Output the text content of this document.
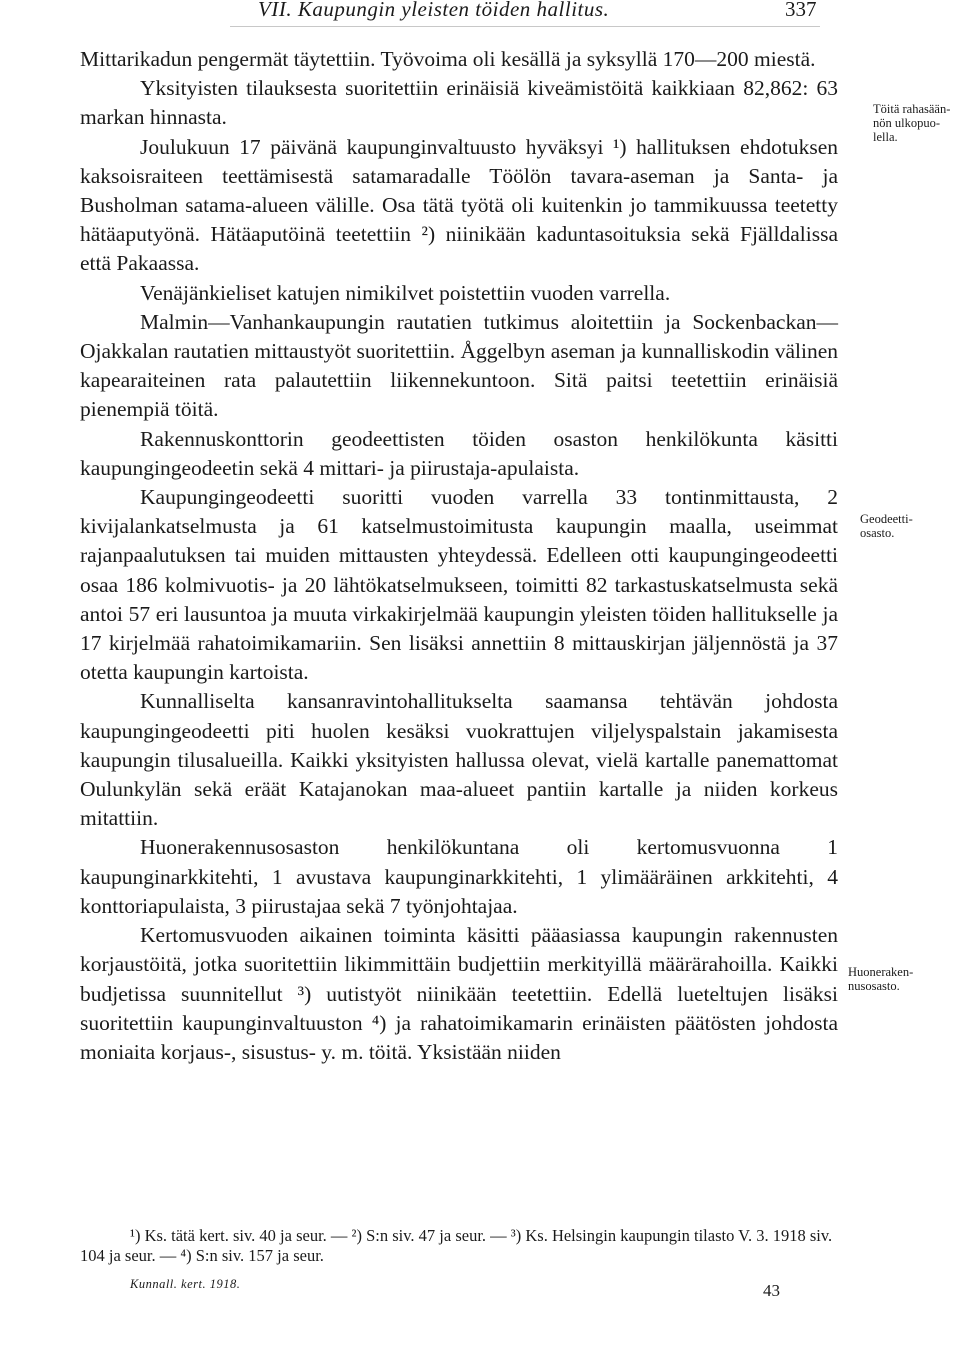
VII. Kaupungin yleisten töiden hallitus.	337

Mittarikadun pengermät täytettiin. Työvoima oli kesällä ja syksyllä 170—200 miestä.

Yksityisten tilauksesta suoritettiin erinäisiä kiveämistöitä kaikkiaan 82,862: 63 markan hinnasta.

Joulukuun 17 päivänä kaupunginvaltuusto hyväksyi ¹) hallituksen ehdotuksen kaksoisraiteen teettämisestä satamaradalle Töölön tavara-aseman ja Santa- ja Busholman satama-alueen välille. Osa tätä työtä oli kuitenkin jo tammikuussa teetetty hätäaputyönä. Hätäaputöinä teetettiin ²) niinikään kaduntasoituksia sekä Fjälldalissa että Pakaassa.

Venäjänkieliset katujen nimikilvet poistettiin vuoden varrella.

Malmin—Vanhankaupungin rautatien tutkimus aloitettiin ja Sockenbackan—Ojakkalan rautatien mittaustyöt suoritettiin. Åggelbyn aseman ja kunnalliskodin välinen kapearaiteinen rata palautettiin liikennekuntoon. Sitä paitsi teetettiin erinäisiä pienempiä töitä.

Rakennuskonttorin geodeettisten töiden osaston henkilökunta käsitti kaupungingeodeetin sekä 4 mittari- ja piirustaja-apulaista.

Kaupungingeodeetti suoritti vuoden varrella 33 tontinmittausta, 2 kivijalankatselmusta ja 61 katselmustoimitusta kaupungin maalla, useimmat rajanpaalutuksen tai muiden mittausten yhteydessä. Edelleen otti kaupungingeodeetti osaa 186 kolmivuotis- ja 20 lähtökatselmukseen, toimitti 82 tarkastuskatselmusta sekä antoi 57 eri lausuntoa ja muuta virkakirjelmää kaupungin yleisten töiden hallitukselle ja 17 kirjelmää rahatoimikamariin. Sen lisäksi annettiin 8 mittauskirjan jäljennöstä ja 37 otetta kaupungin kartoista.

Kunnalliselta kansanravintohallitukselta saamansa tehtävän johdosta kaupungingeodeetti piti huolen kesäksi vuokrattujen viljelyspalstain jakamisesta kaupungin tilusalueilla. Kaikki yksityisten hallussa olevat, vielä kartalle panemattomat Oulunkylän sekä eräät Katajanokan maa-alueet pantiin kartalle ja niiden korkeus mitattiin.

Huonerakennusosaston henkilökuntana oli kertomusvuonna 1 kaupunginarkkitehti, 1 avustava kaupunginarkkitehti, 1 ylimääräinen arkkitehti, 4 konttoriapulaista, 3 piirustajaa sekä 7 työnjohtajaa.

Kertomusvuoden aikainen toiminta käsitti pääasiassa kaupungin rakennusten korjaustöitä, jotka suoritettiin likimmittäin budjettiin merkityillä määrärahoilla. Kaikki budjetissa suunnitellut ³) uutistyöt niinikään teetettiin. Edellä lueteltujen lisäksi suoritettiin kaupunginvaltuuston ⁴) ja rahatoimikamarin erinäisten päätösten johdosta moniaita korjaus-, sisustus- y. m. töitä. Yksistään niiden

Töitä rahasään-
nön ulkopuo-
lella.
Geodeetti-
osasto.
Huoneraken-
nusosasto.

¹) Ks. tätä kert. siv. 40 ja seur. — ²) S:n siv. 47 ja seur. — ³) Ks. Helsingin kaupungin tilasto V. 3. 1918 siv. 104 ja seur. — ⁴) S:n siv. 157 ja seur.

Kunnall. kert. 1918.	43
